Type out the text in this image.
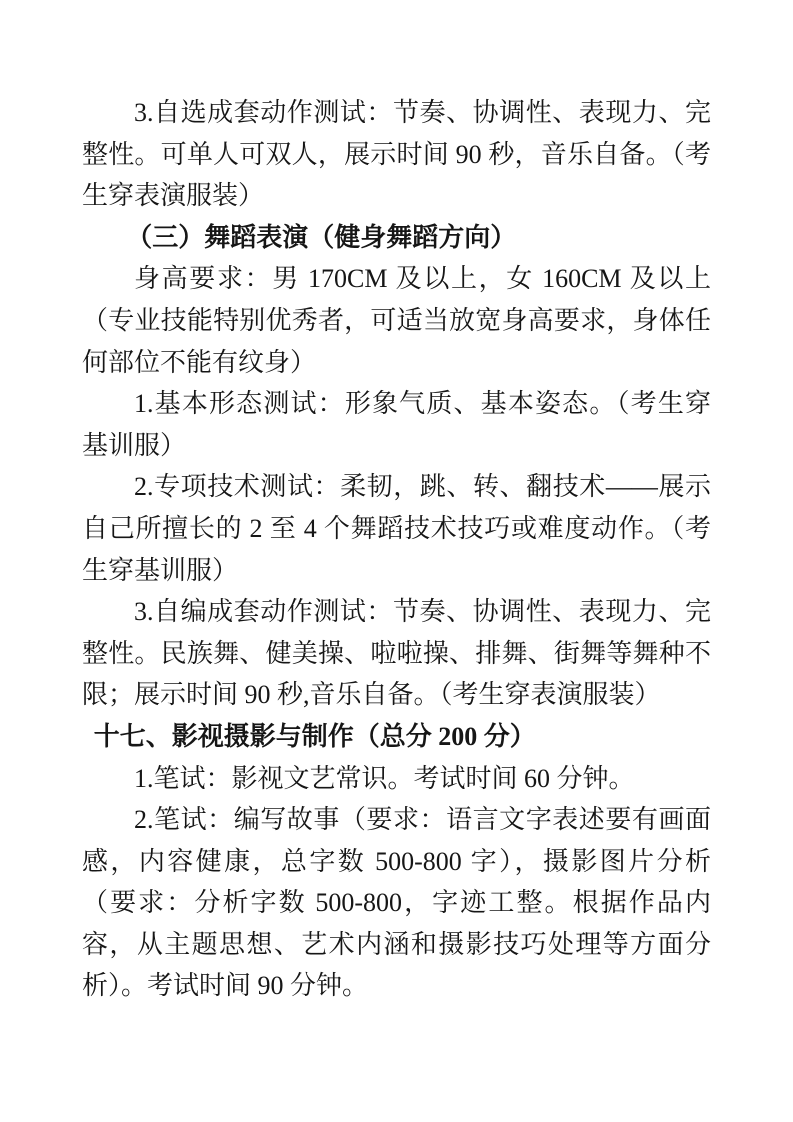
3.自选成套动作测试：节奏、协调性、表现力、完整性。可单人可双人，展示时间 90 秒，音乐自备。（考生穿表演服装）

（三）舞蹈表演（健身舞蹈方向）

身高要求：男 170CM 及以上，女 160CM 及以上（专业技能特别优秀者，可适当放宽身高要求，身体任何部位不能有纹身）

1.基本形态测试：形象气质、基本姿态。（考生穿基训服）

2.专项技术测试：柔韧，跳、转、翻技术——展示自己所擅长的 2 至 4 个舞蹈技术技巧或难度动作。（考生穿基训服）

3.自编成套动作测试：节奏、协调性、表现力、完整性。民族舞、健美操、啦啦操、排舞、街舞等舞种不限；展示时间 90 秒,音乐自备。（考生穿表演服装）

十七、影视摄影与制作（总分 200 分）

1.笔试：影视文艺常识。考试时间 60 分钟。

2.笔试：编写故事（要求：语言文字表述要有画面感，内容健康，总字数 500-800 字），摄影图片分析（要求：分析字数 500-800，字迹工整。根据作品内容，从主题思想、艺术内涵和摄影技巧处理等方面分析）。考试时间 90 分钟。
